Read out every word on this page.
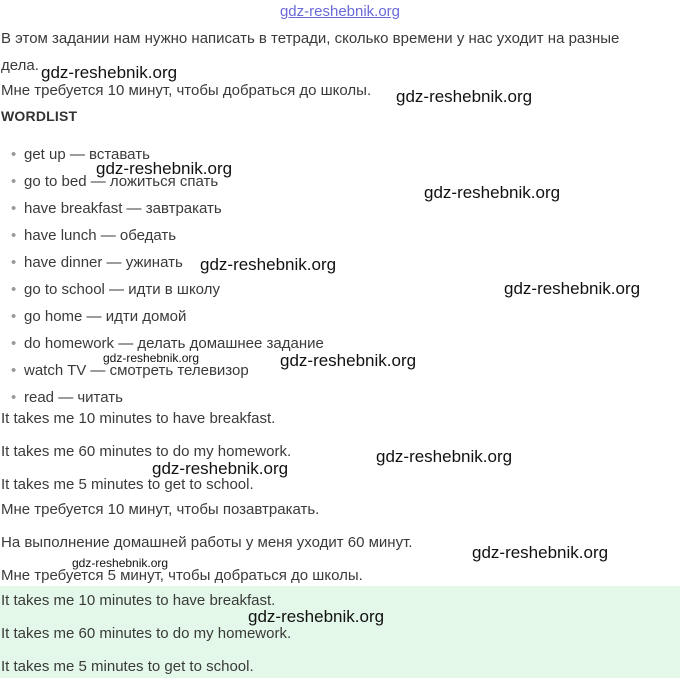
gdz-reshebnik.org
В этом задании нам нужно написать в тетради, сколько времени у нас уходит на разные
дела.
Мне требуется 10 минут, чтобы добраться до школы.
WORDLIST
• get up — вставать
• go to bed — ложиться спать
• have breakfast — завтракать
• have lunch — обедать
• have dinner — ужинать
• go to school — идти в школу
• go home — идти домой
• do homework — делать домашнее задание
• watch TV — смотреть телевизор
• read — читать
It takes me 10 minutes to have breakfast.
It takes me 60 minutes to do my homework.
It takes me 5 minutes to get to school.
Мне требуется 10 минут, чтобы позавтракать.
На выполнение домашней работы у меня уходит 60 минут.
Мне требуется 5 минут, чтобы добраться до школы.
It takes me 10 minutes to have breakfast.
It takes me 60 minutes to do my homework.
It takes me 5 minutes to get to school.
gdz-reshebnik.org
gdz-reshebnik.org
gdz-reshebnik.org
gdz-reshebnik.org
gdz-reshebnik.org
gdz-reshebnik.org
gdz-reshebnik.org	gdz-reshebnik.org
gdz-reshebnik.org
gdz-reshebnik.org
gdz-reshebnik.org
gdz-reshebnik.org
gdz-reshebnik.org
